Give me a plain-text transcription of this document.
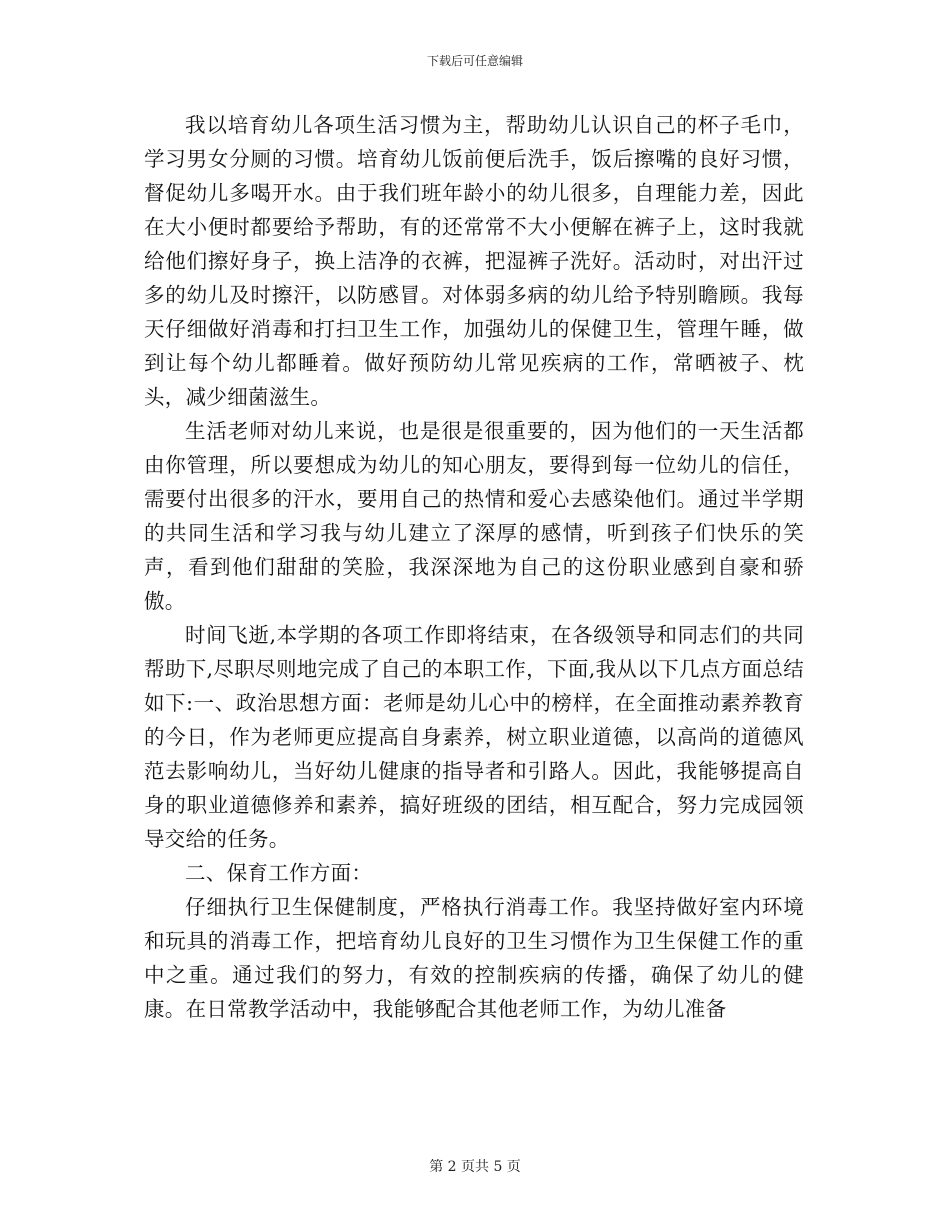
下载后可任意编辑

我以培育幼儿各项生活习惯为主，帮助幼儿认识自己的杯子毛巾，学习男女分厕的习惯。培育幼儿饭前便后洗手，饭后擦嘴的良好习惯，督促幼儿多喝开水。由于我们班年龄小的幼儿很多，自理能力差，因此在大小便时都要给予帮助，有的还常常不大小便解在裤子上，这时我就给他们擦好身子，换上洁净的衣裤，把湿裤子洗好。活动时，对出汗过多的幼儿及时擦汗，以防感冒。对体弱多病的幼儿给予特别瞻顾。我每天仔细做好消毒和打扫卫生工作，加强幼儿的保健卫生，管理午睡，做到让每个幼儿都睡着。做好预防幼儿常见疾病的工作，常晒被子、枕头，减少细菌滋生。

生活老师对幼儿来说，也是很是很重要的，因为他们的一天生活都由你管理，所以要想成为幼儿的知心朋友，要得到每一位幼儿的信任，需要付出很多的汗水，要用自己的热情和爱心去感染他们。通过半学期的共同生活和学习我与幼儿建立了深厚的感情，听到孩子们快乐的笑声，看到他们甜甜的笑脸，我深深地为自己的这份职业感到自豪和骄傲。

时间飞逝,本学期的各项工作即将结束，在各级领导和同志们的共同帮助下,尽职尽则地完成了自己的本职工作，下面,我从以下几点方面总结如下:一、政治思想方面：老师是幼儿心中的榜样，在全面推动素养教育的今日，作为老师更应提高自身素养，树立职业道德，以高尚的道德风范去影响幼儿，当好幼儿健康的指导者和引路人。因此，我能够提高自身的职业道德修养和素养，搞好班级的团结，相互配合，努力完成园领导交给的任务。

二、保育工作方面：

仔细执行卫生保健制度，严格执行消毒工作。我坚持做好室内环境和玩具的消毒工作，把培育幼儿良好的卫生习惯作为卫生保健工作的重中之重。通过我们的努力，有效的控制疾病的传播，确保了幼儿的健康。在日常教学活动中，我能够配合其他老师工作，为幼儿准备

第 2 页共 5 页
